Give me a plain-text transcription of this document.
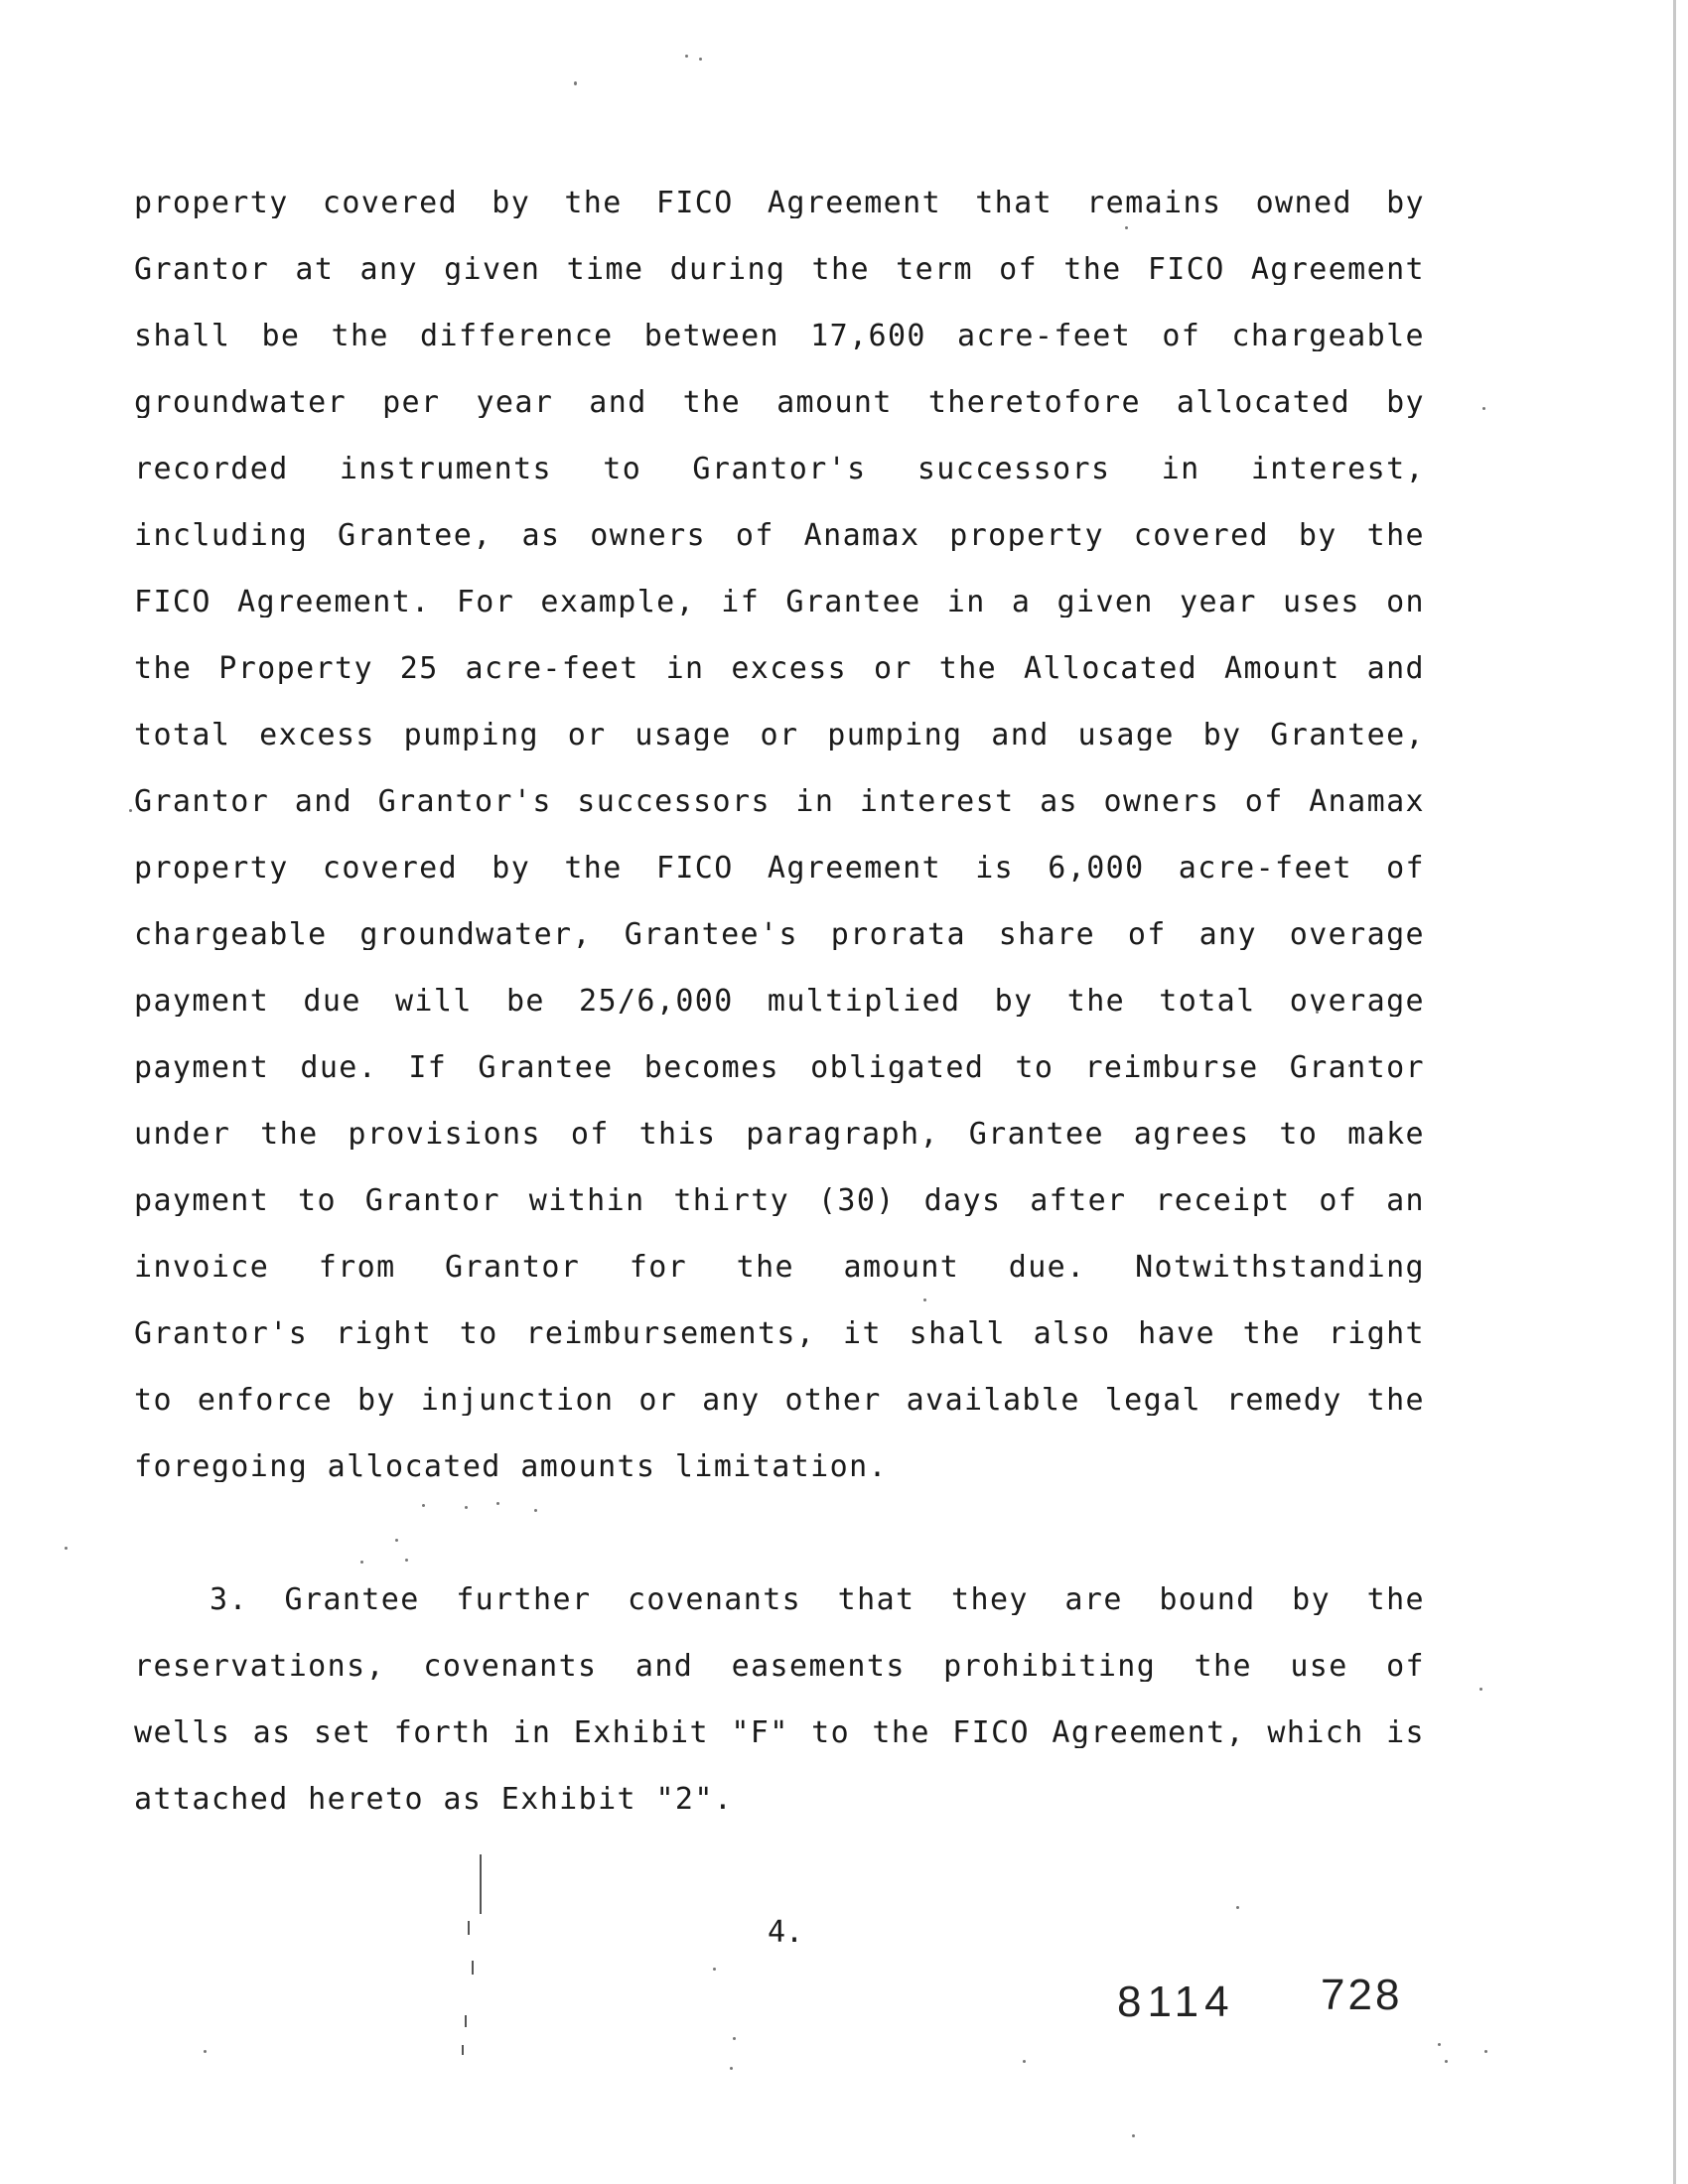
property covered by the FICO Agreement that remains owned by
Grantor at any given time during the term of the FICO Agreement
shall be the difference between 17,600 acre-feet of chargeable
groundwater per year and the amount theretofore allocated by
recorded instruments to Grantor's successors in interest,
including Grantee, as owners of Anamax property covered by the
FICO Agreement. For example, if Grantee in a given year uses on
the Property 25 acre-feet in excess or the Allocated Amount and
total excess pumping or usage or pumping and usage by Grantee,
Grantor and Grantor's successors in interest as owners of Anamax
property covered by the FICO Agreement is 6,000 acre-feet of
chargeable groundwater, Grantee's prorata share of any overage
payment due will be 25/6,000 multiplied by the total overage
payment due. If Grantee becomes obligated to reimburse Grantor
under the provisions of this paragraph, Grantee agrees to make
payment to Grantor within thirty (30) days after receipt of an
invoice from Grantor for the amount due. Notwithstanding
Grantor's right to reimbursements, it shall also have the right
to enforce by injunction or any other available legal remedy the
foregoing allocated amounts limitation.
3. Grantee further covenants that they are bound by the
reservations, covenants and easements prohibiting the use of
wells as set forth in Exhibit "F" to the FICO Agreement, which is
attached hereto as Exhibit "2".
4.
8114 728
